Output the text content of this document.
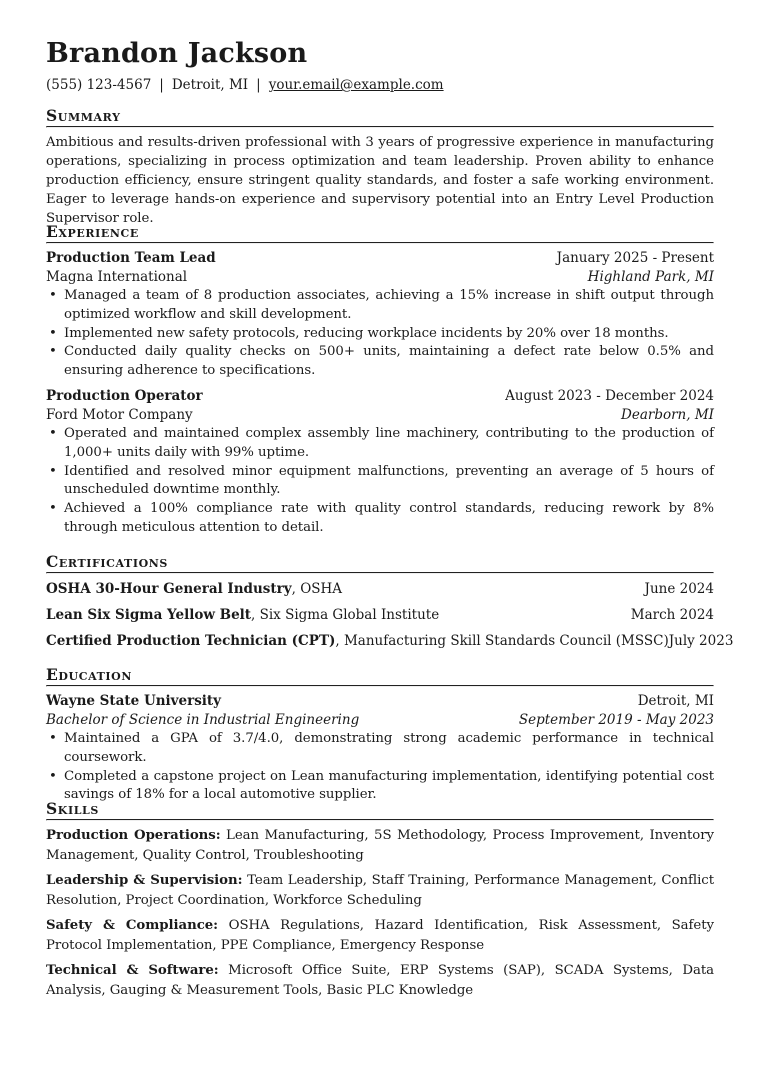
Brandon Jackson
(555) 123-4567 | Detroit, MI | your.email@example.com
Summary
Ambitious and results-driven professional with 3 years of progressive experience in manufacturing operations, specializing in process optimization and team leadership. Proven ability to enhance production efficiency, ensure stringent quality standards, and foster a safe working environment. Eager to leverage hands-on experience and supervisory potential into an Entry Level Production Supervisor role.
Experience
Production Team Lead	January 2025 - Present
Magna International	Highland Park, MI
• Managed a team of 8 production associates, achieving a 15% increase in shift output through optimized workflow and skill development.
• Implemented new safety protocols, reducing workplace incidents by 20% over 18 months.
• Conducted daily quality checks on 500+ units, maintaining a defect rate below 0.5% and ensuring adherence to specifications.
Production Operator	August 2023 - December 2024
Ford Motor Company	Dearborn, MI
• Operated and maintained complex assembly line machinery, contributing to the production of 1,000+ units daily with 99% uptime.
• Identified and resolved minor equipment malfunctions, preventing an average of 5 hours of unscheduled downtime monthly.
• Achieved a 100% compliance rate with quality control standards, reducing rework by 8% through meticulous attention to detail.
Certifications
OSHA 30-Hour General Industry, OSHA	June 2024
Lean Six Sigma Yellow Belt, Six Sigma Global Institute	March 2024
Certified Production Technician (CPT), Manufacturing Skill Standards Council (MSSC) July 2023
Education
Wayne State University	Detroit, MI
Bachelor of Science in Industrial Engineering	September 2019 - May 2023
• Maintained a GPA of 3.7/4.0, demonstrating strong academic performance in technical coursework.
• Completed a capstone project on Lean manufacturing implementation, identifying potential cost savings of 18% for a local automotive supplier.
Skills
Production Operations: Lean Manufacturing, 5S Methodology, Process Improvement, Inventory Management, Quality Control, Troubleshooting
Leadership & Supervision: Team Leadership, Staff Training, Performance Management, Conflict Resolution, Project Coordination, Workforce Scheduling
Safety & Compliance: OSHA Regulations, Hazard Identification, Risk Assessment, Safety Protocol Implementation, PPE Compliance, Emergency Response
Technical & Software: Microsoft Office Suite, ERP Systems (SAP), SCADA Systems, Data Analysis, Gauging & Measurement Tools, Basic PLC Knowledge
